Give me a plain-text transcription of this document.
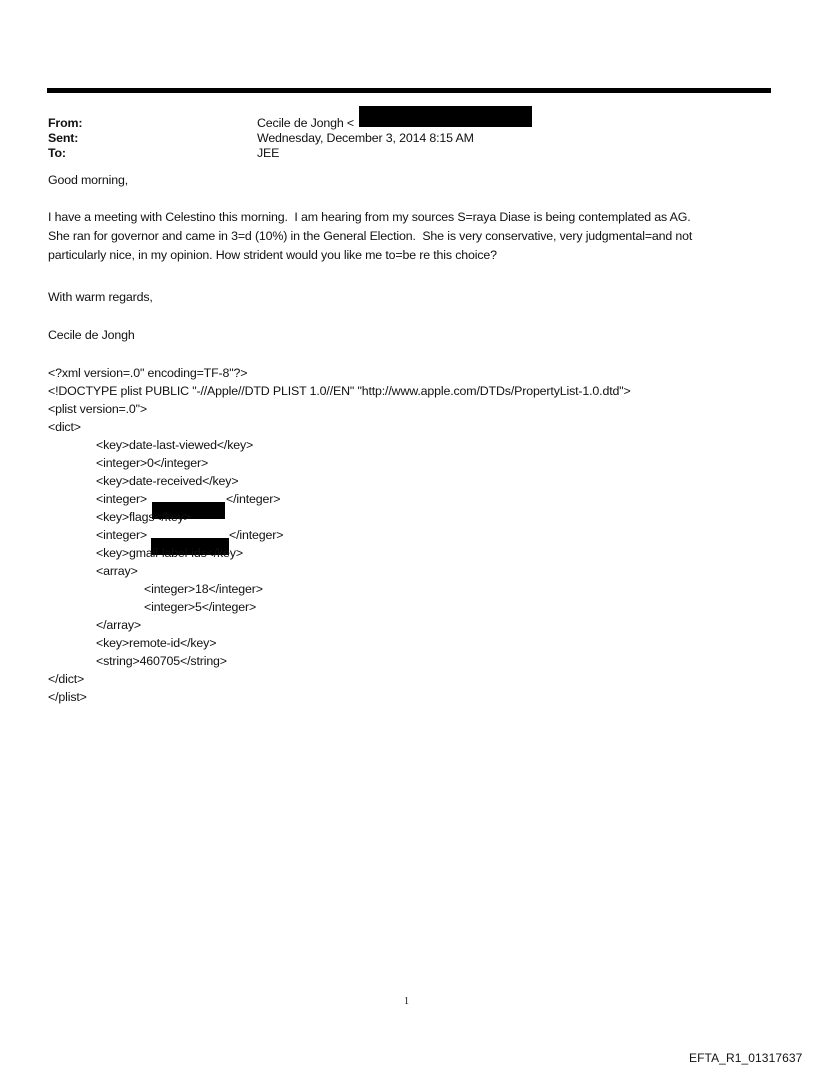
From:	Cecile de Jongh <
Sent:	Wednesday, December 3, 2014 8:15 AM
To:	JEE
Good morning,
I have a meeting with Celestino this morning.  I am hearing from my sources S=raya Diase is being contemplated as AG.
She ran for governor and came in 3=d (10%) in the General Election.  She is very conservative, very judgmental=and not
particularly nice, in my opinion. How strident would you like me to=be re this choice?
With warm regards,
Cecile de Jongh
<?xml version=.0" encoding=TF-8"?>
<!DOCTYPE plist PUBLIC "-//Apple//DTD PLIST 1.0//EN" "http://www.apple.com/DTDs/PropertyList-1.0.dtd">
<plist version=.0">
<dict>
<key>date-last-viewed</key>
<integer>0</integer>
<key>date-received</key>
<integer>	</integer>
<key>flags</key>
<integer>	</integer>
<key>gmail-label-ids</key>
<array>
<integer>18</integer>
<integer>5</integer>
</array>
<key>remote-id</key>
<string>460705</string>
</dict>
</plist>
1
EFTA_R1_01317637
